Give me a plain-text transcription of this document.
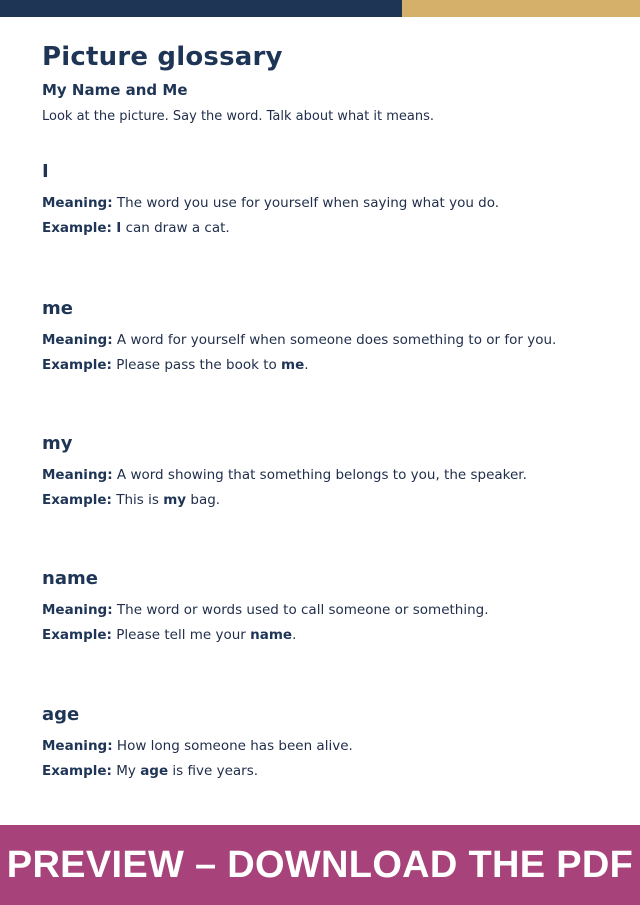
Picture glossary
My Name and Me

Look at the picture. Say the word. Talk about what it means.

I

Meaning: The word you use for yourself when saying what you do.

Example: I can draw a cat.

me

Meaning: A word for yourself when someone does something to or for you.

Example: Please pass the book to me.

my

Meaning: A word showing that something belongs to you, the speaker.

Example: This is my bag.

name

Meaning: The word or words used to call someone or something.

Example: Please tell me your name.

age

Meaning: How long someone has been alive.

Example: My age is five years.

PREVIEW – DOWNLOAD THE PDF
